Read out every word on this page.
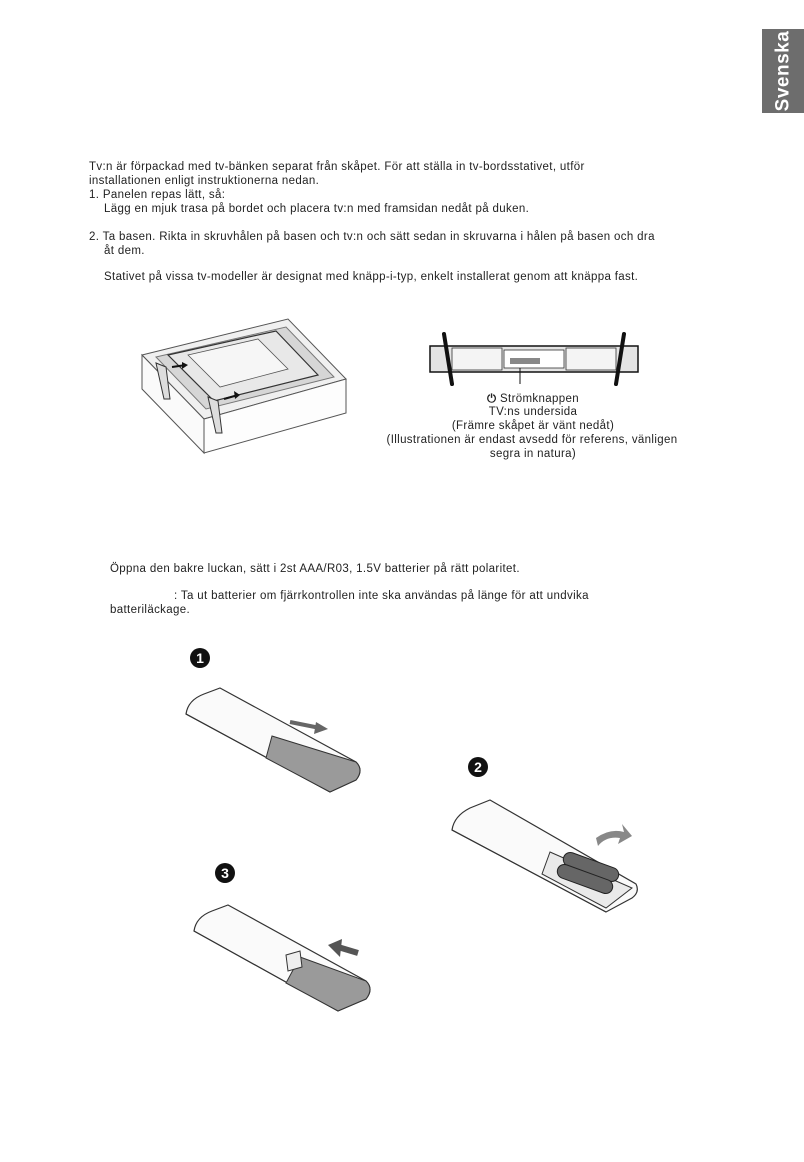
Svenska
Tv:n är förpackad med tv-bänken separat från skåpet. För att ställa in tv-bordsstativet, utför
installationen enligt instruktionerna nedan.
1. Panelen repas lätt, så:
Lägg en mjuk trasa på bordet och placera tv:n med framsidan nedåt på duken.
2. Ta basen. Rikta in skruvhålen på basen och tv:n och sätt sedan in skruvarna i hålen på basen och dra
åt dem.
Stativet på vissa tv-modeller är designat med knäpp-i-typ, enkelt installerat genom att knäppa fast.
⏻ Strömknappen
TV:ns undersida
(Främre skåpet är vänt nedåt)
(Illustrationen är endast avsedd för referens, vänligen
segra in natura)
Öppna den bakre luckan, sätt i 2st AAA/R03, 1.5V batterier på rätt polaritet.
: Ta ut batterier om fjärrkontrollen inte ska användas på länge för att undvika
batteriläckage.
1
2
3
